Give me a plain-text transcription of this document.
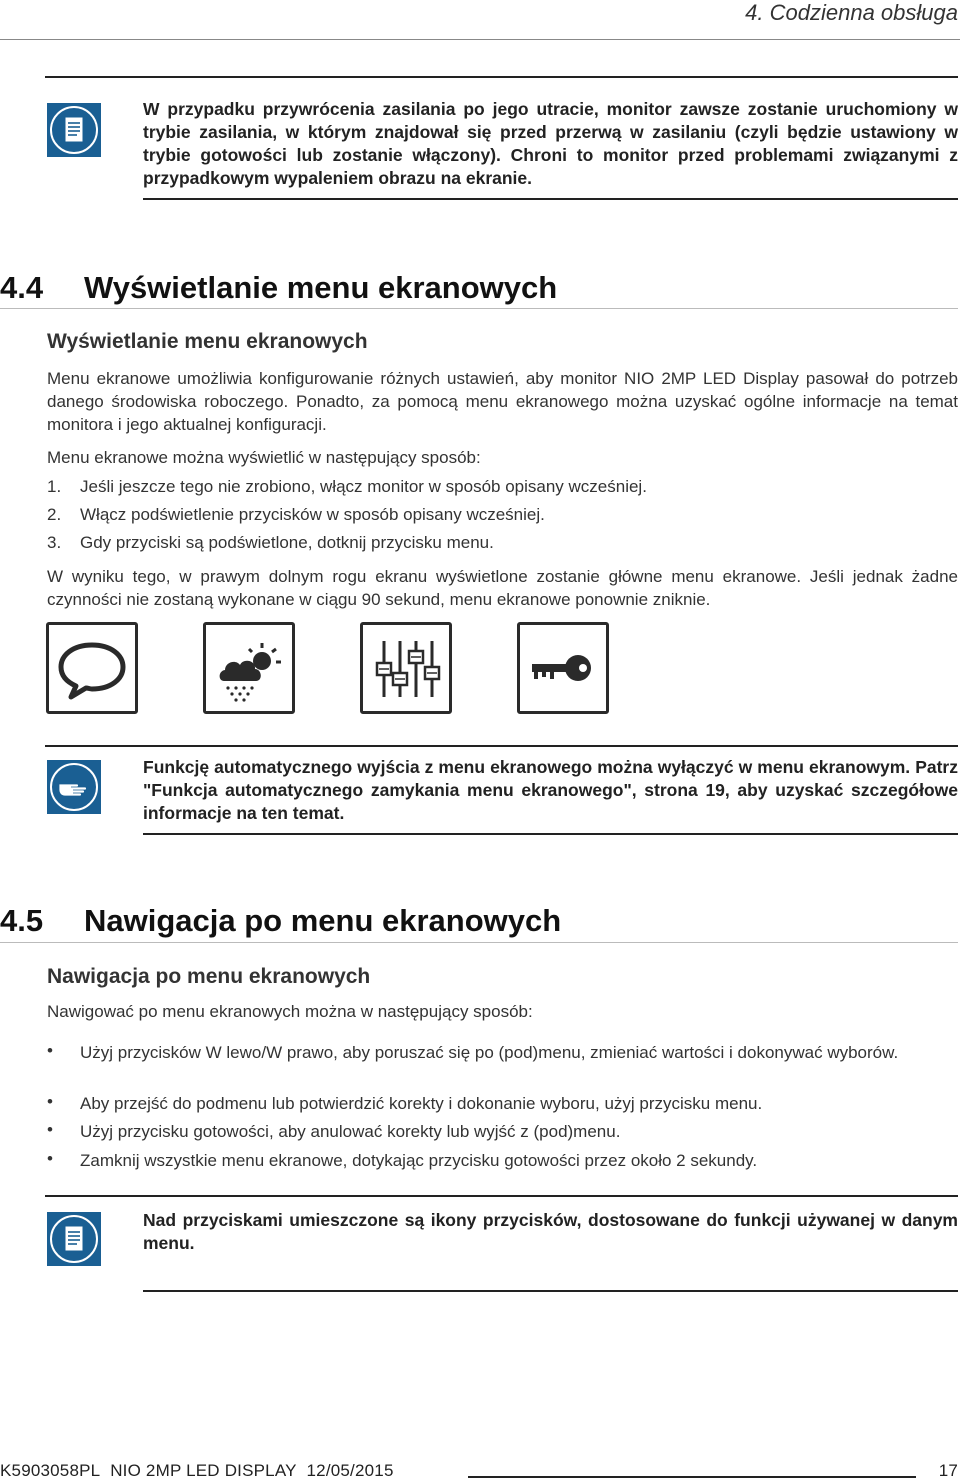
4. Codzienna obsługa
W przypadku przywrócenia zasilania po jego utracie, monitor zawsze zostanie uruchomiony w trybie zasilania, w którym znajdował się przed przerwą w zasilaniu (czyli będzie ustawiony w trybie gotowości lub zostanie włączony). Chroni to monitor przed problemami związanymi z przypadkowym wypaleniem obrazu na ekranie.
4.4 Wyświetlanie menu ekranowych
Wyświetlanie menu ekranowych
Menu ekranowe umożliwia konfigurowanie różnych ustawień, aby monitor NIO 2MP LED Display pasował do potrzeb danego środowiska roboczego. Ponadto, za pomocą menu ekranowego można uzyskać ogólne informacje na temat monitora i jego aktualnej konfiguracji.
Menu ekranowe można wyświetlić w następujący sposób:
1. Jeśli jeszcze tego nie zrobiono, włącz monitor w sposób opisany wcześniej.
2. Włącz podświetlenie przycisków w sposób opisany wcześniej.
3. Gdy przyciski są podświetlone, dotknij przycisku menu.
W wyniku tego, w prawym dolnym rogu ekranu wyświetlone zostanie główne menu ekranowe. Jeśli jednak żadne czynności nie zostaną wykonane w ciągu 90 sekund, menu ekranowe ponownie zniknie.
Funkcję automatycznego wyjścia z menu ekranowego można wyłączyć w menu ekranowym. Patrz "Funkcja automatycznego zamykania menu ekranowego", strona 19, aby uzyskać szczegółowe informacje na ten temat.
4.5 Nawigacja po menu ekranowych
Nawigacja po menu ekranowych
Nawigować po menu ekranowych można w następujący sposób:
• Użyj przycisków W lewo/W prawo, aby poruszać się po (pod)menu, zmieniać wartości i dokonywać wyborów.
• Aby przejść do podmenu lub potwierdzić korekty i dokonanie wyboru, użyj przycisku menu.
• Użyj przycisku gotowości, aby anulować korekty lub wyjść z (pod)menu.
• Zamknij wszystkie menu ekranowe, dotykając przycisku gotowości przez około 2 sekundy.
Nad przyciskami umieszczone są ikony przycisków, dostosowane do funkcji używanej w danym menu.
K5903058PL NIO 2MP LED DISPLAY 12/05/2015	17
